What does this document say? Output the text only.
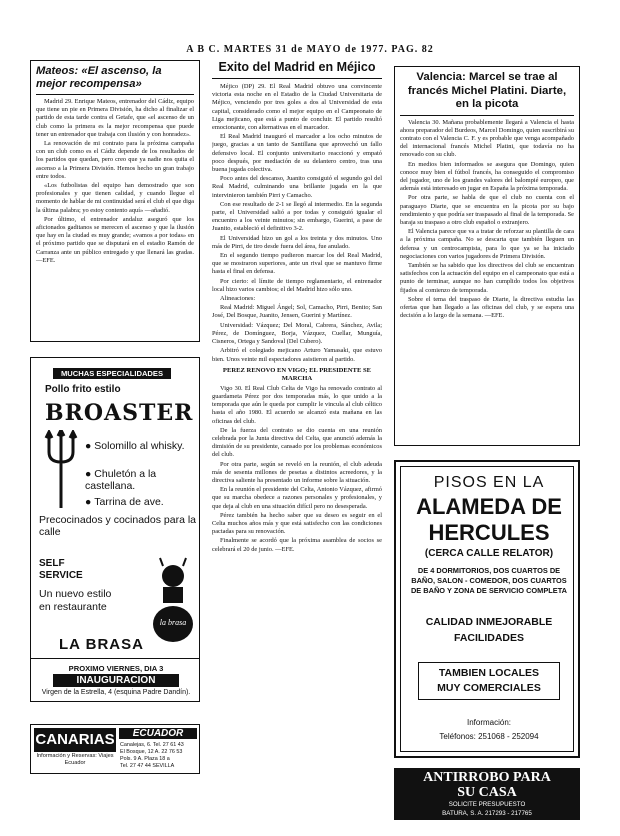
A B C. MARTES 31 de MAYO de 1977. PAG. 82
Mateos: «El ascenso, la mejor recompensa»

Madrid 29. Enrique Mateos, entrenador del Cádiz, equipo que tiene un pie en Primera División, ha dicho al finalizar el partido de esta tarde contra el Getafe, que «el ascenso de un club como la primera es la mejor recompensa que puede tener un entrenador que trabaja con ilusión y con honradez».

La renovación de mi contrato para la próxima campaña con un club como es el Cádiz depende de los resultados de los partidos que quedan, pero creo que ya nadie nos quita el ascenso a la Primera División. Hemos hecho un gran trabajo entre todos.

«Los futbolistas del equipo han demostrado que son profesionales y que tienen calidad, y cuando llegue el momento de hablar de mi continuidad será el club el que diga la última palabra; yo estoy contento aquí» —añadió.

Por último, el entrenador andaluz aseguró que los aficionados gaditanos se merecen el ascenso y que la ilusión que hay en la ciudad es muy grande; «vamos a por todas» en el próximo partido que se disputará en el estadio Ramón de Carranza ante un público entregado y que llenará las gradas. —EFE.

MUCHAS ESPECIALIDADES
Pollo frito estilo
BROASTER
● Solomillo al whisky.
● Chuletón a la castellana.
● Tarrina de ave.
Precocinados y cocinados para la calle
SELF SERVICE
Un nuevo estilo en restaurante
la brasa
LA BRASA
PROXIMO VIERNES, DIA 3
INAUGURACION
Virgen de la Estrella, 4 (esquina Padre Dandín).
CANARIAS
Información y Reservas: Viajes Ecuador
ECUADOR
Canalejas, 6. Tel. 27 61 43
El Bosque, 12 A. 22 76 53
Pols. 9 A. Plaza 18 a
Tel. 27 47 44 SEVILLA
Exito del Madrid en Méjico

Méjico (DP) 29. El Real Madrid obtuvo una convincente victoria esta noche en el Estadio de la Ciudad Universitaria de Méjico, venciendo por tres goles a dos al Universidad de esta capital, considerado como el mejor equipo en el Campeonato de Liga mejicano, que está a punto de concluir. El partido resultó emocionante, con alternativas en el marcador.

El Real Madrid inauguró el marcador a los ocho minutos de juego, gracias a un tanto de Santillana que aprovechó un fallo defensivo local. El conjunto universitario reaccionó y empató poco después, por mediación de su delantero centro, tras una buena jugada colectiva.

Poco antes del descanso, Juanito consiguió el segundo gol del Real Madrid, culminando una brillante jugada en la que intervinieron también Pirri y Camacho.

Con ese resultado de 2-1 se llegó al intermedio. En la segunda parte, el Universidad salió a por todas y consiguió igualar el encuentro a los veinte minutos; sin embargo, Guerini, a pase de Juanito, estableció el definitivo 3-2.

El Universidad hizo un gol a los treinta y dos minutos. Uno más de Pirri, de tiro desde fuera del área, fue anulado.

En el segundo tiempo pudieron marcar los del Real Madrid, que se mostraron superiores, ante un rival que se mantuvo firme hasta el final en defensa.

Por cierto: el límite de tiempo reglamentario, el entrenador local hizo varios cambios; el del Madrid hizo sólo uno.

Alineaciones:

Real Madrid: Miguel Ángel; Sol, Camacho, Pirri, Benito; San José, Del Bosque, Juanito, Jensen, Guerini y Martínez.

Universidad: Vázquez; Del Moral, Cabrera, Sánchez, Avila; Pérez, de Domínguez, Borja, Vázquez, Cuellar, Munguía, Cisneros, Ortega y Sandoval (Del Cubero).

Arbitró el colegiado mejicano Arturo Yamasaki, que estuvo bien. Unos veinte mil espectadores asistieron al partido.

PEREZ RENOVO EN VIGO; EL PRESIDENTE SE MARCHA

Vigo 30. El Real Club Celta de Vigo ha renovado contrato al guardameta Pérez por dos temporadas más, lo que unido a la temporada que aún le queda por cumplir le vincula al club céltico hasta el año 1980. El acuerdo se alcanzó esta mañana en las oficinas del club.

De la fuerza del contrato se dio cuenta en una reunión celebrada por la Junta directiva del Celta, que anunció además la dimisión de su presidente, cansado por los problemas económicos del club.

Por otra parte, según se reveló en la reunión, el club adeuda más de sesenta millones de pesetas a distintos acreedores, y la directiva saliente ha presentado un informe sobre la situación.

En la reunión el presidente del Celta, Antonio Vázquez, afirmó que su marcha obedece a razones personales y profesionales, y que deja al club en una situación difícil pero no desesperada.

Pérez también ha hecho saber que su deseo es seguir en el Celta muchos años más y que está satisfecho con las condiciones pactadas para su renovación.

Finalmente se acordó que la próxima asamblea de socios se celebrará el 20 de junio. —EFE.

Valencia: Marcel se trae al francés Michel Platini. Diarte, en la picota

Valencia 30. Mañana probablemente llegará a Valencia el hasta ahora preparador del Burdeos, Marcel Domingo, quien suscribirá su contrato con el Valencia C. F. y es probable que venga acompañado del internacional francés Michel Platini, que todavía no ha renovado con su club.

En medios bien informados se asegura que Domingo, quien conoce muy bien el fútbol francés, ha conseguido el compromiso del jugador, uno de los grandes valores del balompié europeo, que además está interesado en jugar en España la próxima temporada.

Por otra parte, se habla de que el club no cuenta con el paraguayo Diarte, que se encuentra en la picota por su bajo rendimiento y que podría ser traspasado al final de la temporada. Se baraja su traspaso a otro club español o extranjero.

El Valencia parece que va a tratar de reforzar su plantilla de cara a la próxima campaña. No se descarta que también lleguen un defensa y un centrocampista, para lo que ya se ha iniciado negociaciones con varios jugadores de Primera División.

También se ha sabido que los directivos del club se encuentran satisfechos con la actuación del equipo en el campeonato que está a punto de terminar, aunque no han cumplido todos los objetivos fijados al comienzo de temporada.

Sobre el tema del traspaso de Diarte, la directiva estudia las ofertas que han llegado a las oficinas del club, y se espera una decisión a lo largo de la semana. —EFE.

PISOS EN LA
ALAMEDA DE
HERCULES
(CERCA CALLE RELATOR)
DE 4 DORMITORIOS, DOS CUARTOS DE BAÑO, SALON - COMEDOR, DOS CUARTOS DE BAÑO Y ZONA DE SERVICIO COMPLETA
CALIDAD INMEJORABLE
FACILIDADES
TAMBIEN LOCALES
MUY COMERCIALES
Información:
Teléfonos: 251068 - 252094
ANTIRROBO PARA
SU CASA
SOLICITE PRESUPUESTO
BATURA, S. A. 217293 - 217765
